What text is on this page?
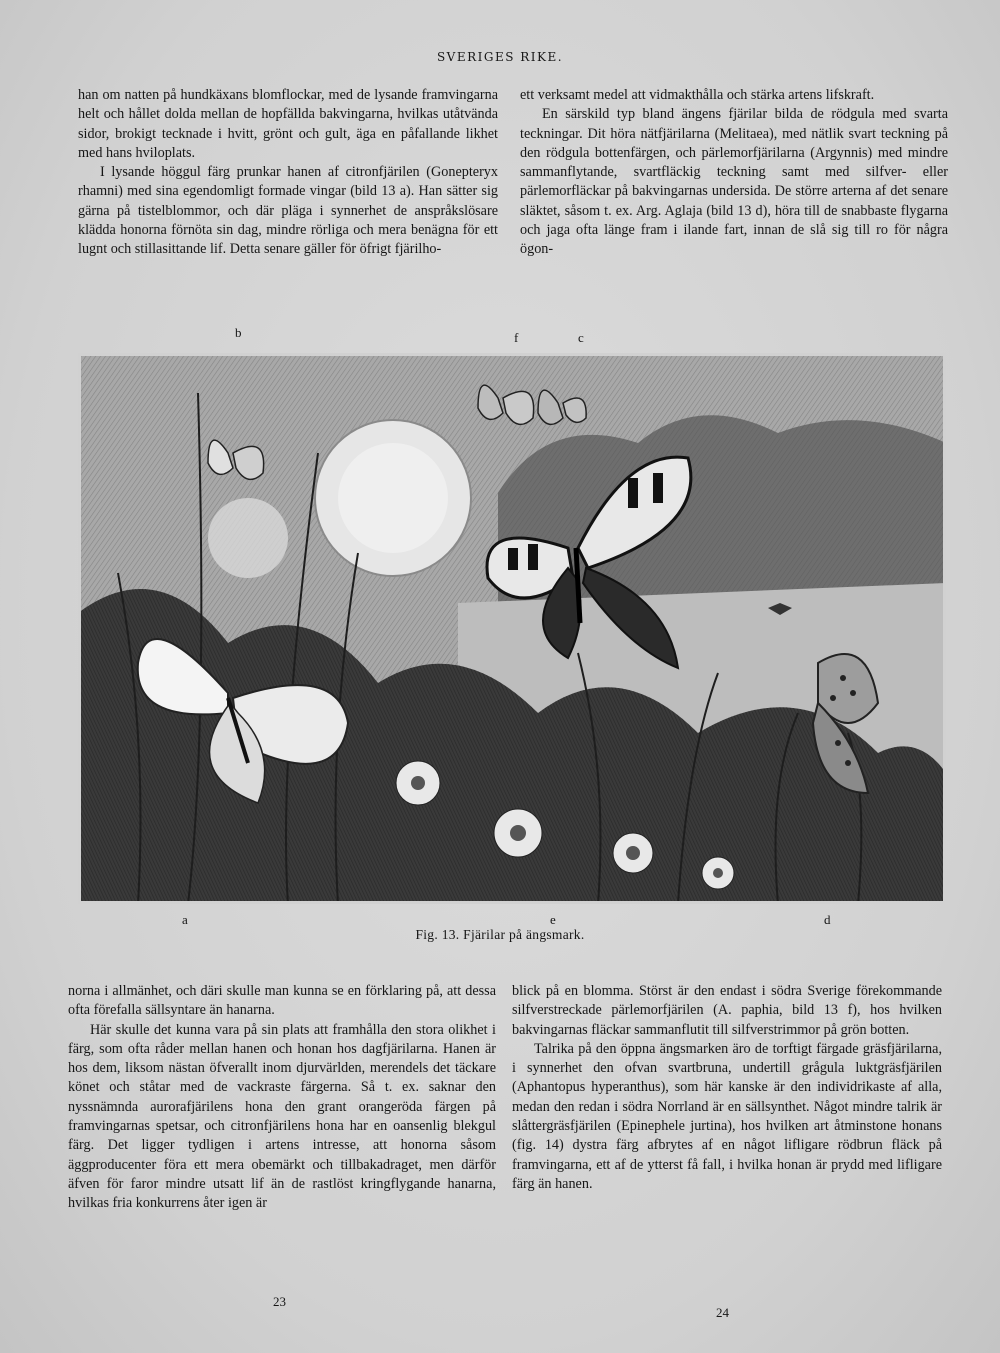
SVERIGES RIKE.

han om natten på hundkäxans blomflockar, med de lysande framvingarna helt och hållet dolda mellan de hopfällda bakvingarna, hvilkas utåtvända sidor, brokigt tecknade i hvitt, grönt och gult, äga en påfallande likhet med hans hviloplats.

I lysande höggul färg prunkar hanen af citronfjärilen (Gonepteryx rhamni) med sina egendomligt formade vingar (bild 13 a). Han sätter sig gärna på tistelblommor, och där pläga i synnerhet de anspråkslösare klädda honorna förnöta sin dag, mindre rörliga och mera benägna för ett lugnt och stillasittande lif. Detta senare gäller för öfrigt fjärilho-

ett verksamt medel att vidmakthålla och stärka artens lifskraft.

En särskild typ bland ängens fjärilar bilda de rödgula med svarta teckningar. Dit höra nätfjärilarna (Melitaea), med nätlik svart teckning på den rödgula bottenfärgen, och pärlemorfjärilarna (Argynnis) med mindre sammanflytande, svartfläckig teckning samt med silfver- eller pärlemorfläckar på bakvingarnas undersida. De större arterna af det senare släktet, såsom t. ex. Arg. Aglaja (bild 13 d), höra till de snabbaste flygarna och jaga ofta länge fram i ilande fart, innan de slå sig till ro för några ögon-

b	f	c
a	e	d
Fig. 13. Fjärilar på ängsmark.

norna i allmänhet, och däri skulle man kunna se en förklaring på, att dessa ofta förefalla sällsyntare än hanarna.

Här skulle det kunna vara på sin plats att framhålla den stora olikhet i färg, som ofta råder mellan hanen och honan hos dagfjärilarna. Hanen är hos dem, liksom nästan öfverallt inom djurvärlden, merendels det täckare könet och ståtar med de vackraste färgerna. Så t. ex. saknar den nyssnämnda aurorafjärilens hona den grant orangeröda färgen på framvingarnas spetsar, och citronfjärilens hona har en oansenlig blekgul färg. Det ligger tydligen i artens intresse, att honorna såsom äggproducenter föra ett mera obemärkt och tillbakadraget, men därför äfven för faror mindre utsatt lif än de rastlöst kringflygande hanarna, hvilkas fria konkurrens åter igen är

blick på en blomma. Störst är den endast i södra Sverige förekommande silfverstreckade pärlemorfjärilen (A. paphia, bild 13 f), hos hvilken bakvingarnas fläckar sammanflutit till silfverstrimmor på grön botten.

Talrika på den öppna ängsmarken äro de torftigt färgade gräsfjärilarna, i synnerhet den ofvan svartbruna, undertill grågula luktgräsfjärilen (Aphantopus hyperanthus), som här kanske är den individrikaste af alla, medan den redan i södra Norrland är en sällsynthet. Något mindre talrik är slåttergräsfjärilen (Epinephele jurtina), hos hvilken art åtminstone honans (fig. 14) dystra färg afbrytes af en något lifligare rödbrun fläck på framvingarna, ett af de ytterst få fall, i hvilka honan är prydd med lifligare färg än hanen.

23
24
